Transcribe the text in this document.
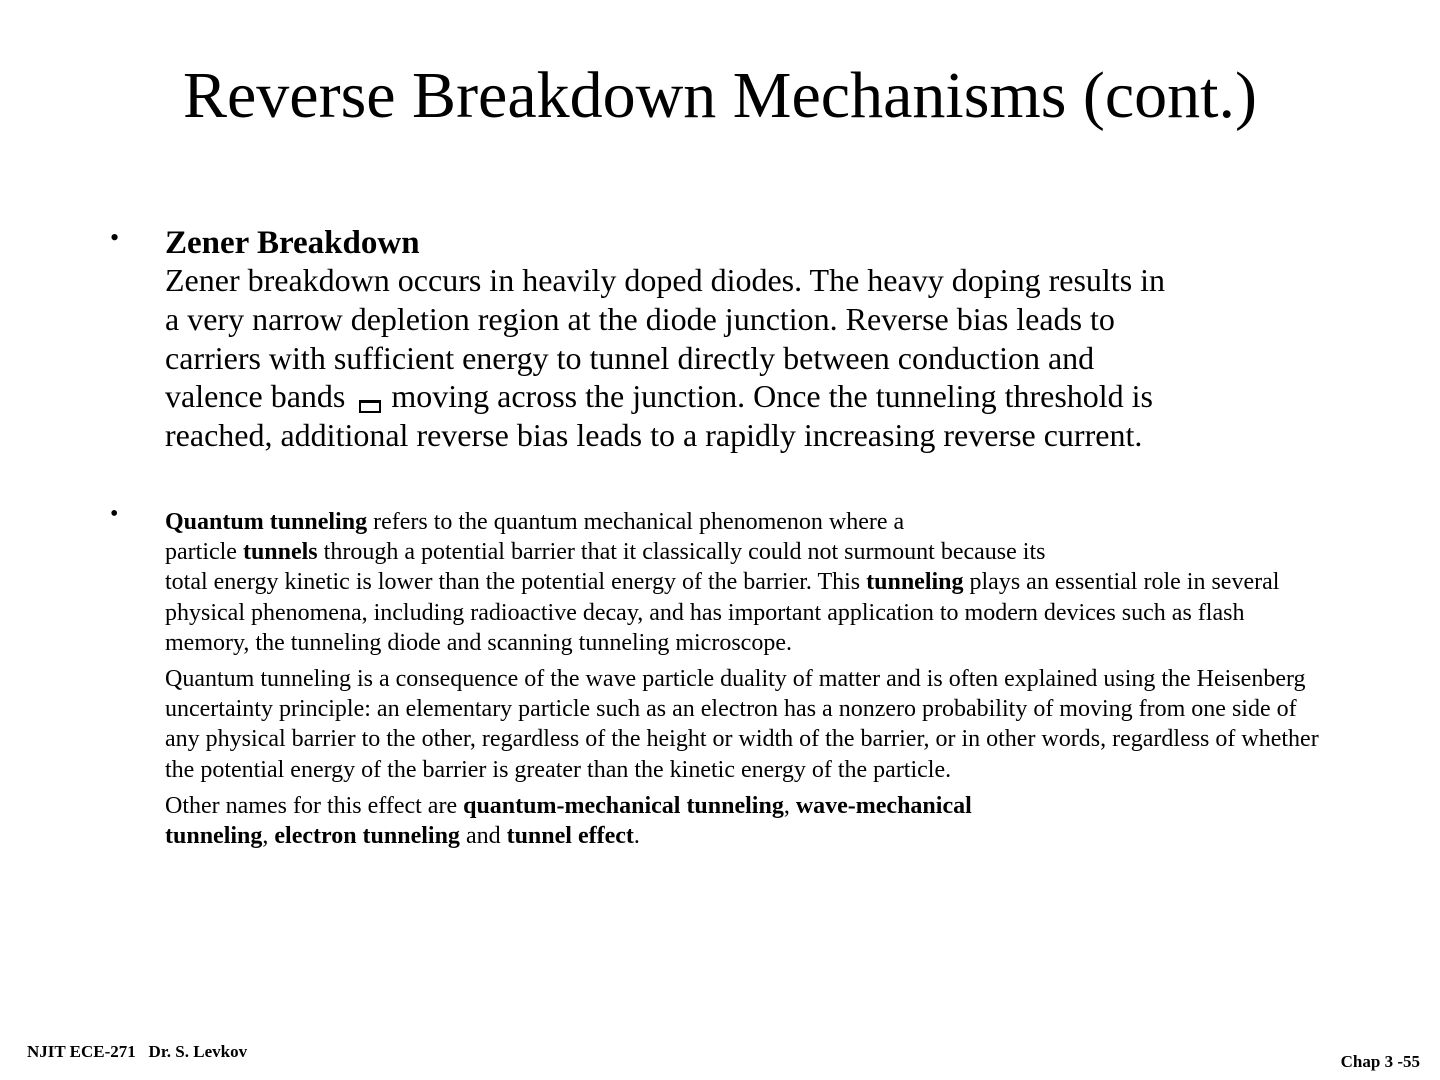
Reverse Breakdown Mechanisms (cont.)
• Zener Breakdown
Zener breakdown occurs in heavily doped diodes. The heavy doping results in
a very narrow depletion region at the diode junction. Reverse bias leads to
carriers with sufficient energy to tunnel directly between conduction and
valence bands moving across the junction. Once the tunneling threshold is
reached, additional reverse bias leads to a rapidly increasing reverse current.
• Quantum tunneling refers to the quantum mechanical phenomenon where a
particle tunnels through a potential barrier that it classically could not surmount because its
total energy kinetic is lower than the potential energy of the barrier. This tunneling plays an essential role in several physical phenomena, including radioactive decay, and has important application to modern devices such as flash memory, the tunneling diode and scanning tunneling microscope.

Quantum tunneling is a consequence of the wave particle duality of matter and is often explained using the Heisenberg uncertainty principle: an elementary particle such as an electron has a nonzero probability of moving from one side of any physical barrier to the other, regardless of the height or width of the barrier, or in other words, regardless of whether the potential energy of the barrier is greater than the kinetic energy of the particle.

Other names for this effect are quantum-mechanical tunneling, wave-mechanical
tunneling, electron tunneling and tunnel effect.

NJIT ECE-271   Dr. S. Levkov
Chap 3 -55
